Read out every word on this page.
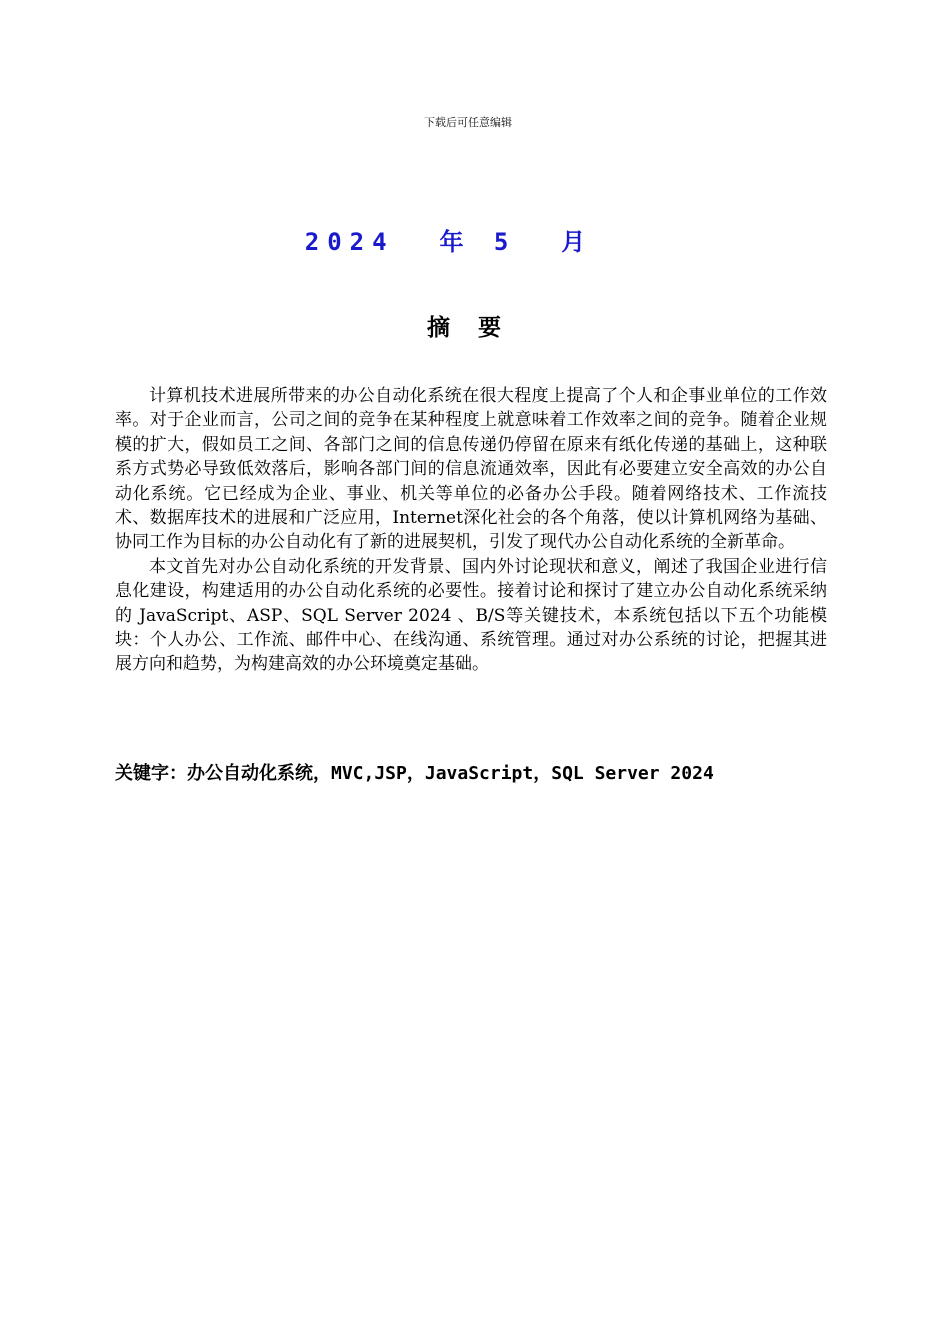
下载后可任意编辑
2024  年 5  月
摘 要

计算机技术进展所带来的办公自动化系统在很大程度上提高了个人和企事业单位的工作效率。对于企业而言，公司之间的竞争在某种程度上就意味着工作效率之间的竞争。随着企业规模的扩大，假如员工之间、各部门之间的信息传递仍停留在原来有纸化传递的基础上，这种联系方式势必导致低效落后，影响各部门间的信息流通效率，因此有必要建立安全高效的办公自动化系统。它已经成为企业、事业、机关等单位的必备办公手段。随着网络技术、工作流技术、数据库技术的进展和广泛应用，Internet深化社会的各个角落，使以计算机网络为基础、协同工作为目标的办公自动化有了新的进展契机，引发了现代办公自动化系统的全新革命。

本文首先对办公自动化系统的开发背景、国内外讨论现状和意义，阐述了我国企业进行信息化建设，构建适用的办公自动化系统的必要性。接着讨论和探讨了建立办公自动化系统采纳的 JavaScript、ASP、SQL Server 2024 、B/S等关键技术，本系统包括以下五个功能模块：个人办公、工作流、邮件中心、在线沟通、系统管理。通过对办公系统的讨论，把握其进展方向和趋势，为构建高效的办公环境奠定基础。

关键字：办公自动化系统，MVC,JSP，JavaScript，SQL Server 2024
